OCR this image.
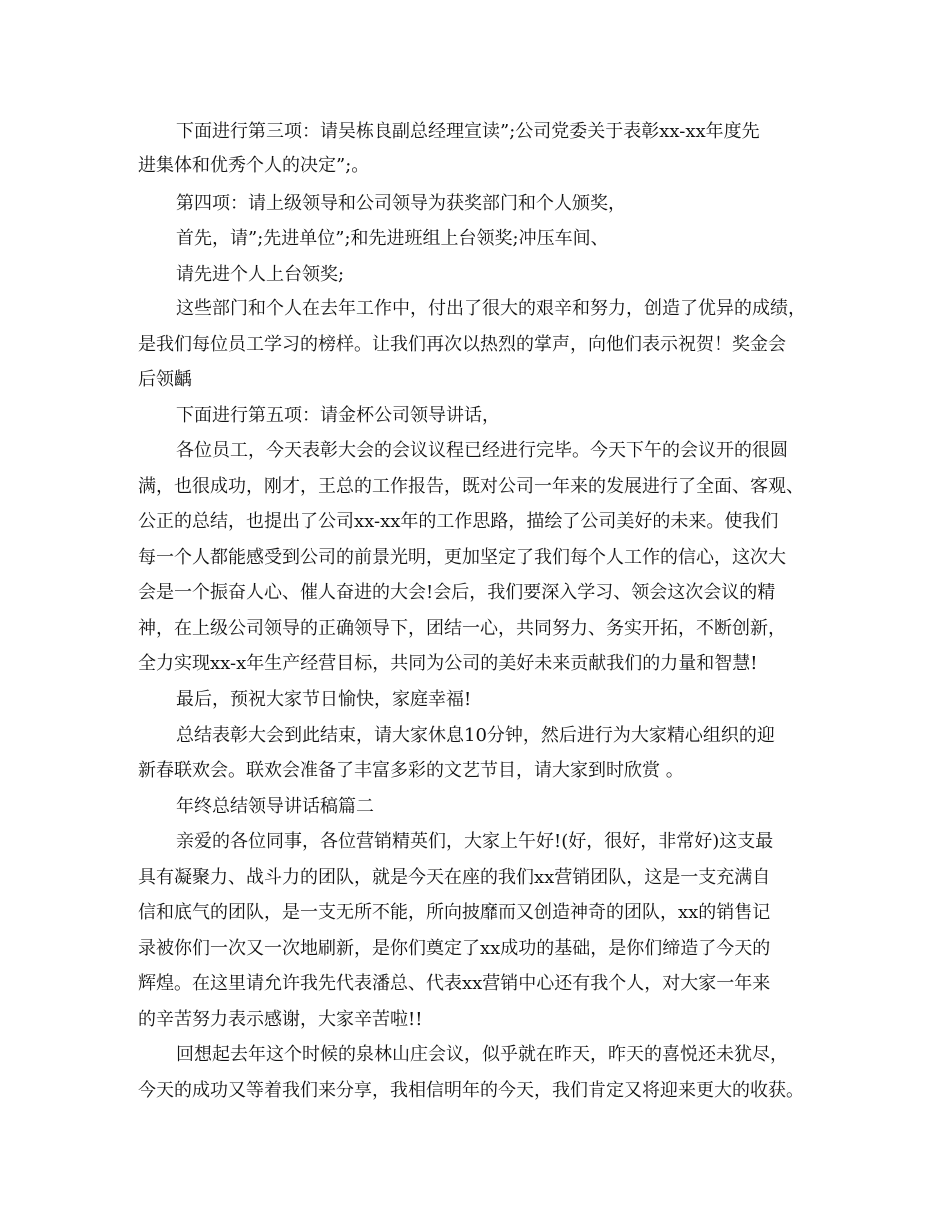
下面进行第三项：请吴栋良副总经理宣读”;公司党委关于表彰xx-xx年度先
进集体和优秀个人的决定”;。
第四项：请上级领导和公司领导为获奖部门和个人颁奖，
首先，请”;先进单位”;和先进班组上台领奖;冲压车间、
请先进个人上台领奖;
这些部门和个人在去年工作中，付出了很大的艰辛和努力，创造了优异的成绩，
是我们每位员工学习的榜样。让我们再次以热烈的掌声，向他们表示祝贺！奖金会
后领齲
下面进行第五项：请金杯公司领导讲话，
各位员工，今天表彰大会的会议议程已经进行完毕。今天下午的会议开的很圆
满，也很成功，刚才，王总的工作报告，既对公司一年来的发展进行了全面、客观、
公正的总结，也提出了公司xx-xx年的工作思路，描绘了公司美好的未来。使我们
每一个人都能感受到公司的前景光明，更加坚定了我们每个人工作的信心，这次大
会是一个振奋人心、催人奋进的大会!会后，我们要深入学习、领会这次会议的精
神，在上级公司领导的正确领导下，团结一心，共同努力、务实开拓，不断创新，
全力实现xx-x年生产经营目标，共同为公司的美好未来贡献我们的力量和智慧!
最后，预祝大家节日愉快，家庭幸福!
总结表彰大会到此结束，请大家休息10分钟，然后进行为大家精心组织的迎
新春联欢会。联欢会准备了丰富多彩的文艺节目，请大家到时欣赏 。
年终总结领导讲话稿篇二
亲爱的各位同事，各位营销精英们，大家上午好!(好，很好，非常好)这支最
具有凝聚力、战斗力的团队，就是今天在座的我们xx营销团队，这是一支充满自
信和底气的团队，是一支无所不能，所向披靡而又创造神奇的团队，xx的销售记
录被你们一次又一次地刷新，是你们奠定了xx成功的基础，是你们缔造了今天的
辉煌。在这里请允许我先代表潘总、代表xx营销中心还有我个人，对大家一年来
的辛苦努力表示感谢，大家辛苦啦!!
回想起去年这个时候的泉林山庄会议，似乎就在昨天，昨天的喜悦还未犹尽，
今天的成功又等着我们来分享，我相信明年的今天，我们肯定又将迎来更大的收获。
